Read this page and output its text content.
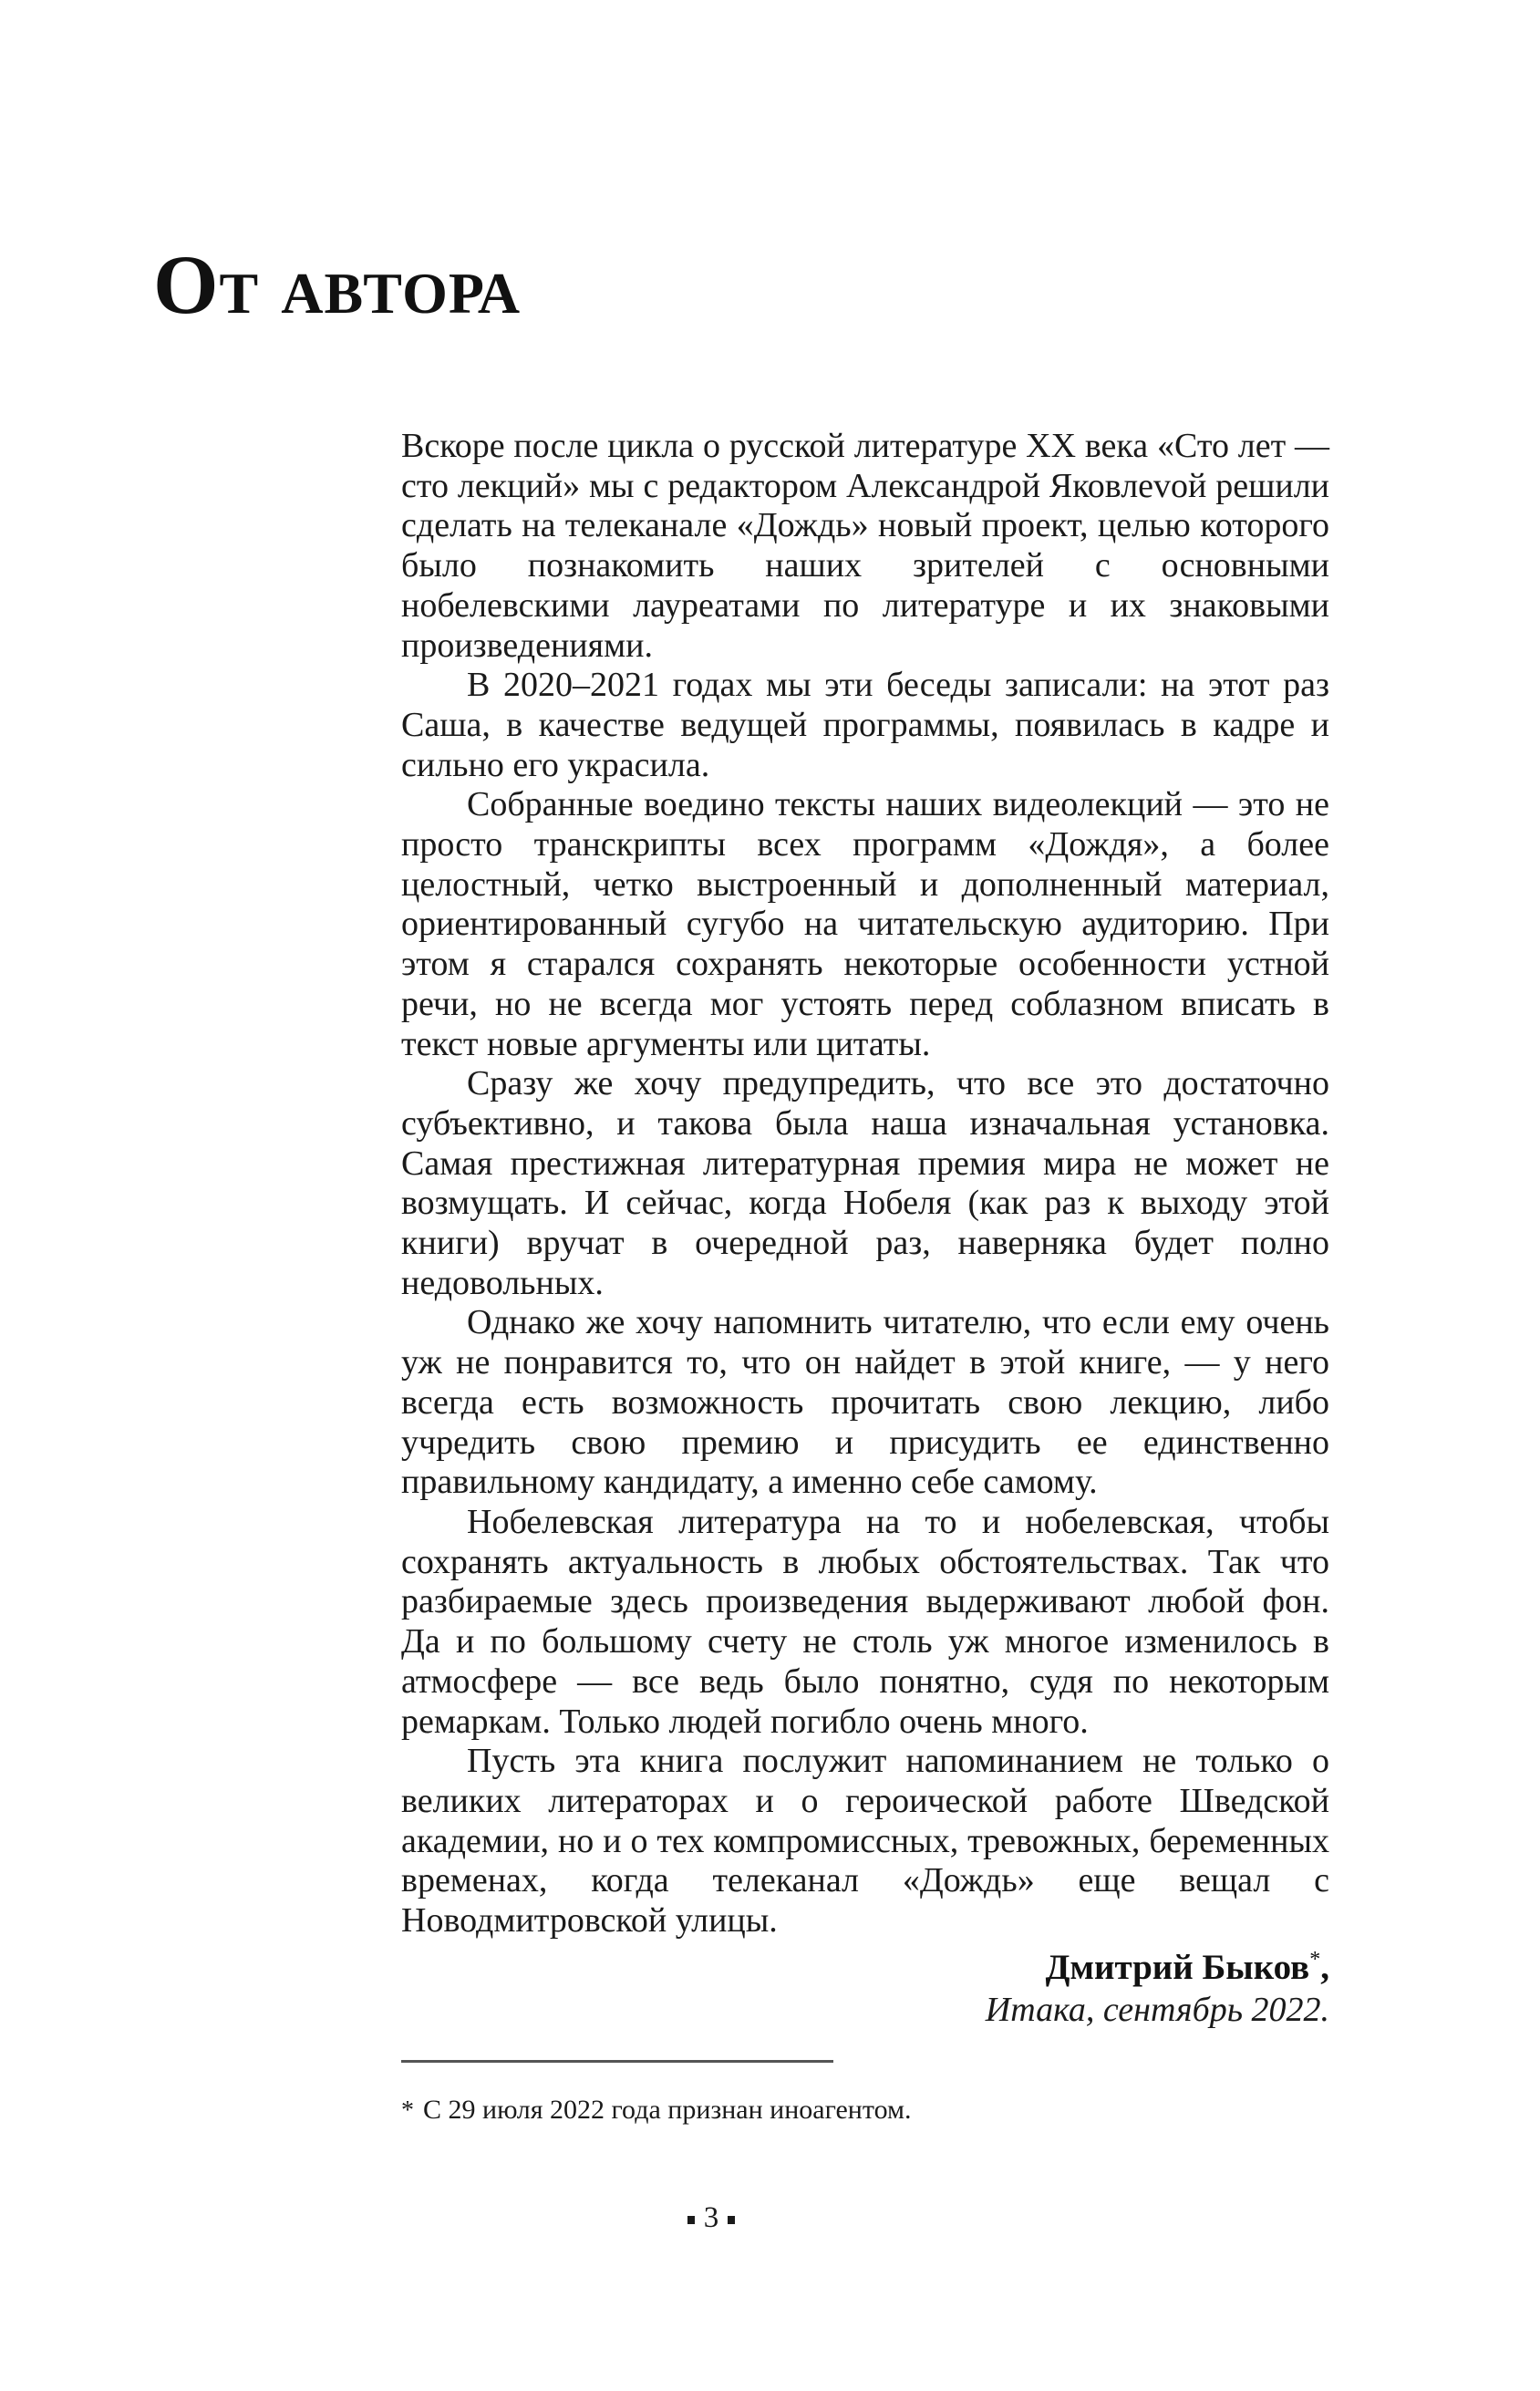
От автора

Вскоре после цикла о русской литературе XX века «Сто лет — сто лекций» мы с редактором Александрой Яковлеvой решили сделать на телеканале «Дождь» новый проект, целью которого было познакомить наших зрителей с основными нобелевскими лауреатами по литературе и их знаковыми произведениями.

В 2020–2021 годах мы эти беседы записали: на этот раз Саша, в качестве ведущей программы, появилась в кадре и сильно его украсила.

Собранные воедино тексты наших видеолекций — это не просто транскрипты всех программ «Дождя», а более целостный, четко выстроенный и дополненный материал, ориентированный сугубо на читательскую аудиторию. При этом я старался сохранять некоторые особенности устной речи, но не всегда мог устоять перед соблазном вписать в текст новые аргументы или цитаты.

Сразу же хочу предупредить, что все это достаточно субъективно, и такова была наша изначальная установка. Самая престижная литературная премия мира не может не возмущать. И сейчас, когда Нобеля (как раз к выходу этой книги) вручат в очередной раз, наверняка будет полно недовольных.

Однако же хочу напомнить читателю, что если ему очень уж не понравится то, что он найдет в этой книге, — у него всегда есть возможность прочитать свою лекцию, либо учредить свою премию и присудить ее единственно правильному кандидату, а именно себе самому.

Нобелевская литература на то и нобелевская, чтобы сохранять актуальность в любых обстоятельствах. Так что разбираемые здесь произведения выдерживают любой фон. Да и по большому счету не столь уж многое изменилось в атмосфере — все ведь было понятно, судя по некоторым ремаркам. Только людей погибло очень много.

Пусть эта книга послужит напоминанием не только о великих литераторах и о героической работе Шведской академии, но и о тех компромиссных, тревожных, беременных временах, когда телеканал «Дождь» еще вещал с Новодмитровской улицы.

Дмитрий Быков*,
Итака, сентябрь 2022.
* С 29 июля 2022 года признан иноагентом.
3
